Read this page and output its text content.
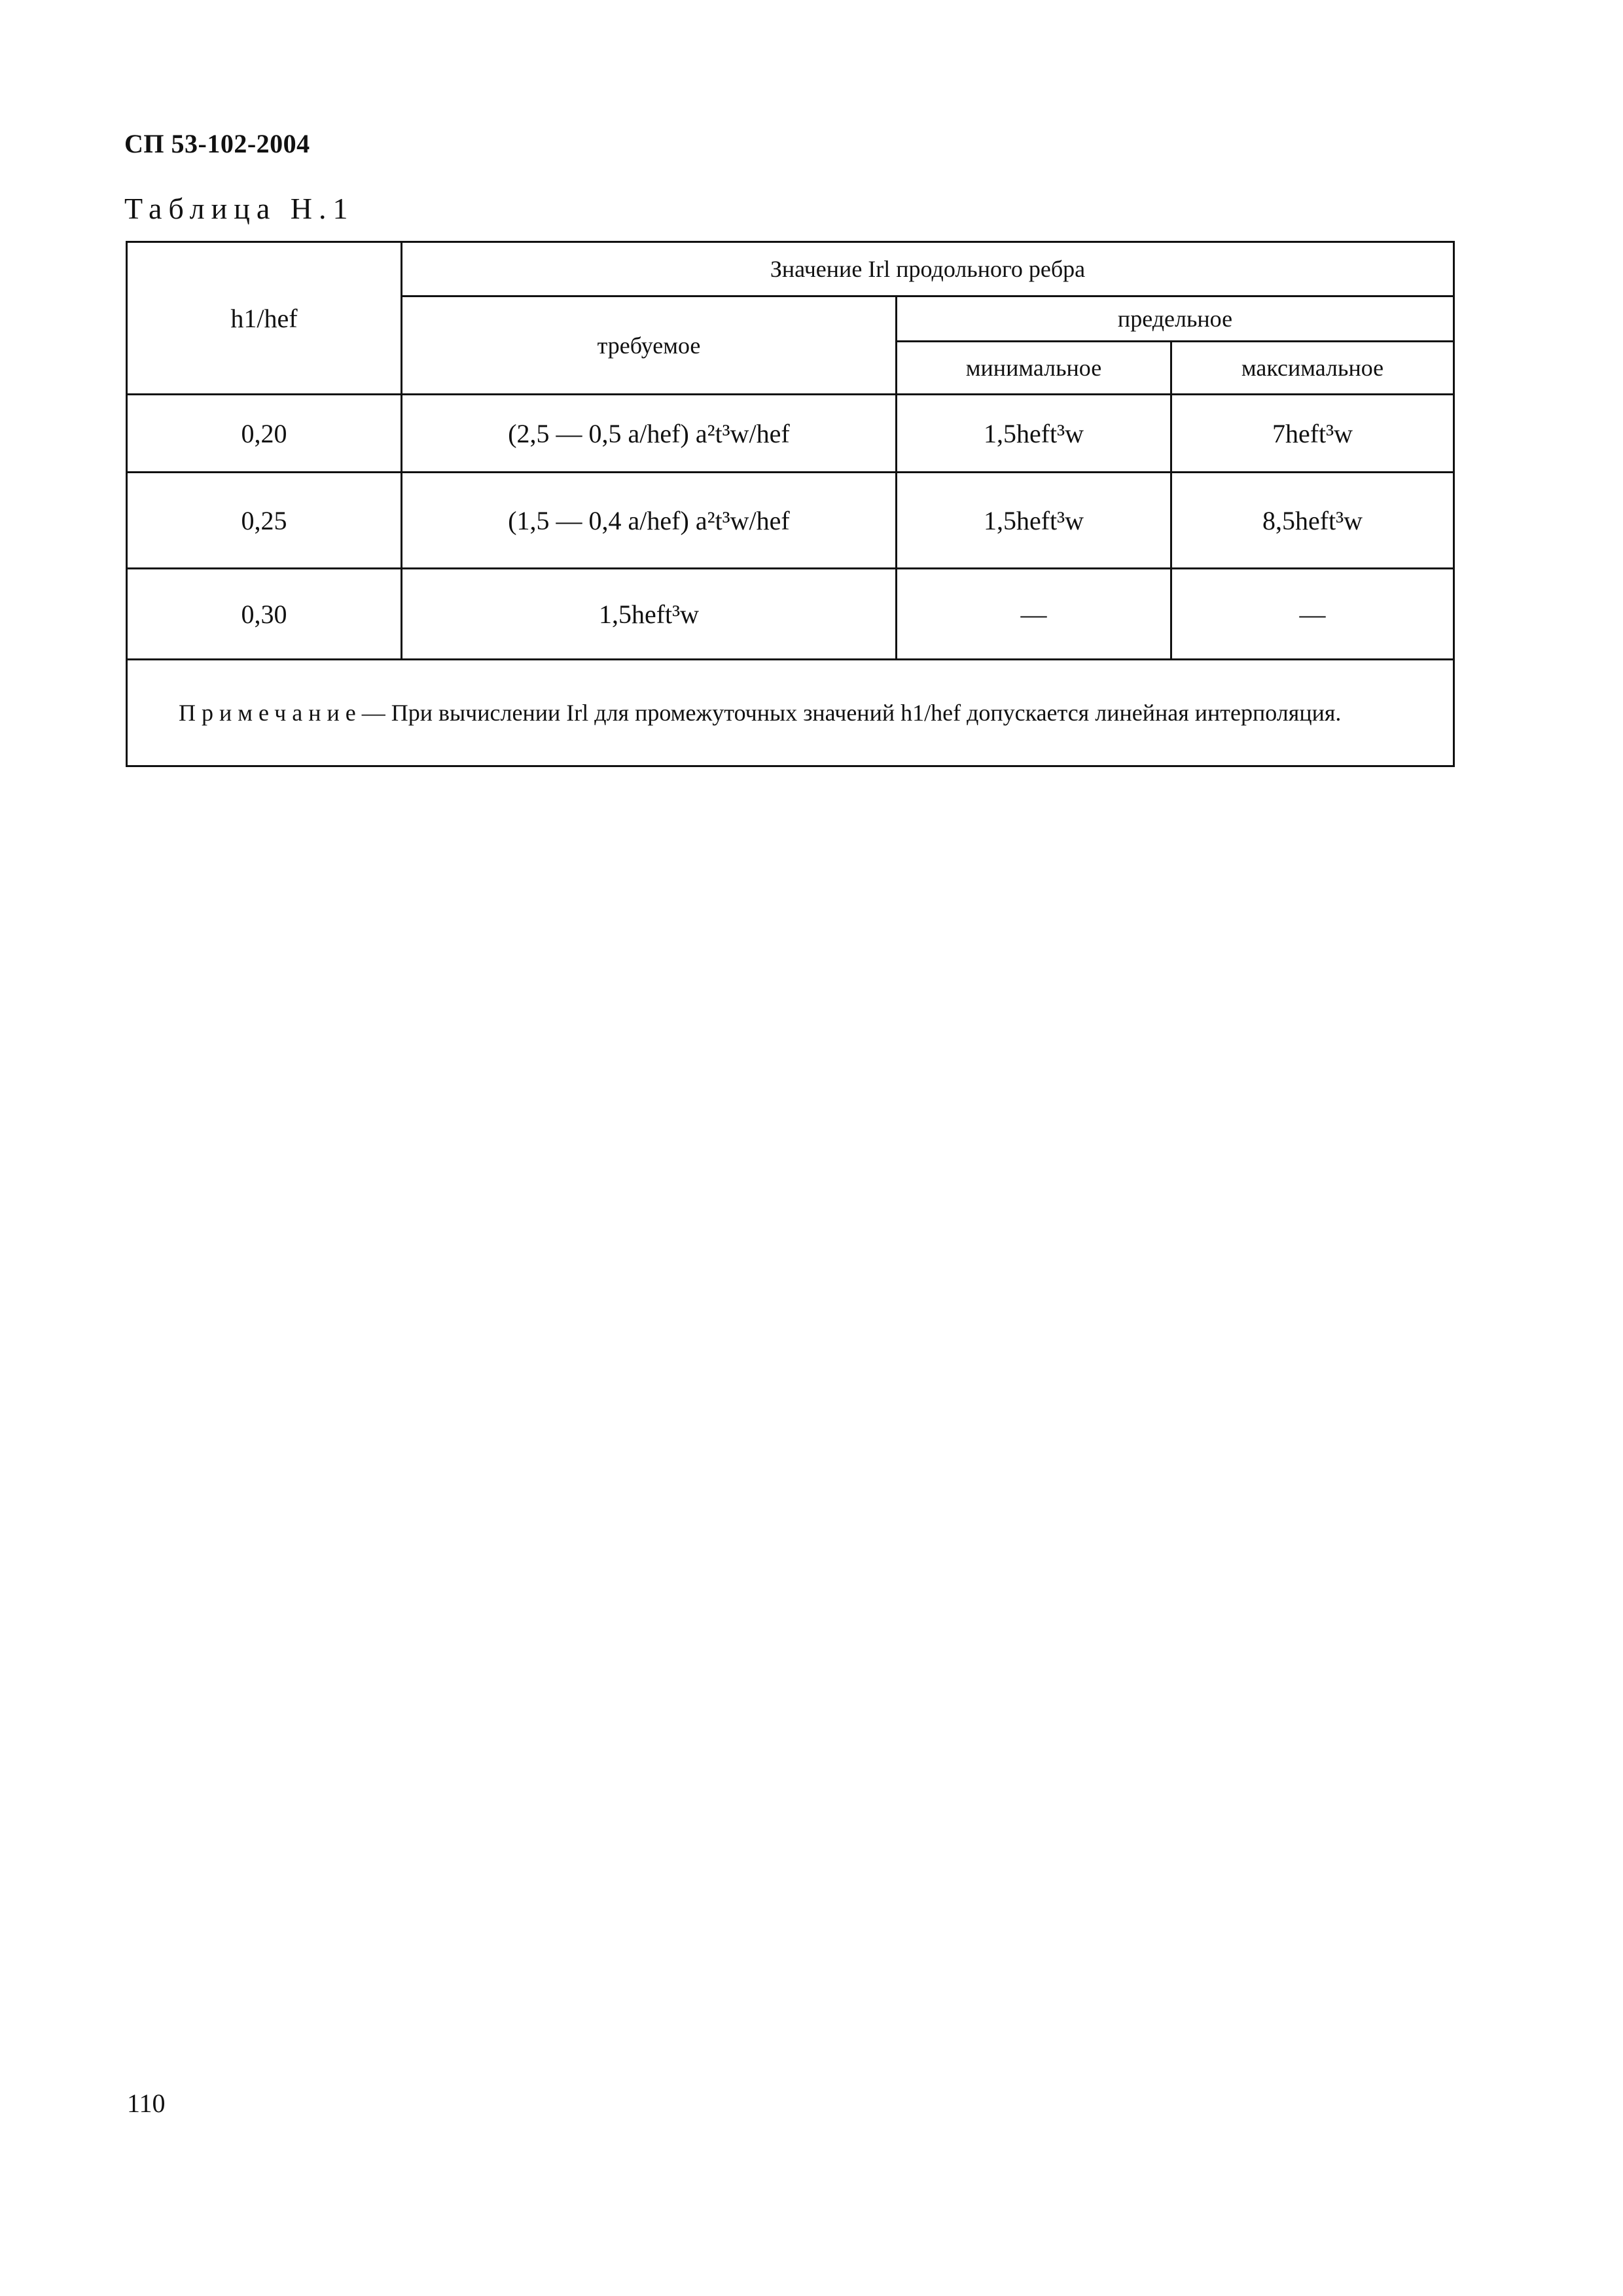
СП 53-102-2004
Таблица Н.1
h1/hef	Значение Irl продольного ребра		
	требуемое	предельное	
		минимальное	максимальное
0,20	(2,5 — 0,5 a/hef) a²t³w/hef	1,5heft³w	7heft³w
0,25	(1,5 — 0,4 a/hef) a²t³w/hef	1,5heft³w	8,5heft³w
0,30	1,5heft³w	—	—
Примечание— При вычислении Irl для промежуточных значений h1/hef допускается линейная интерполяция.			
110
